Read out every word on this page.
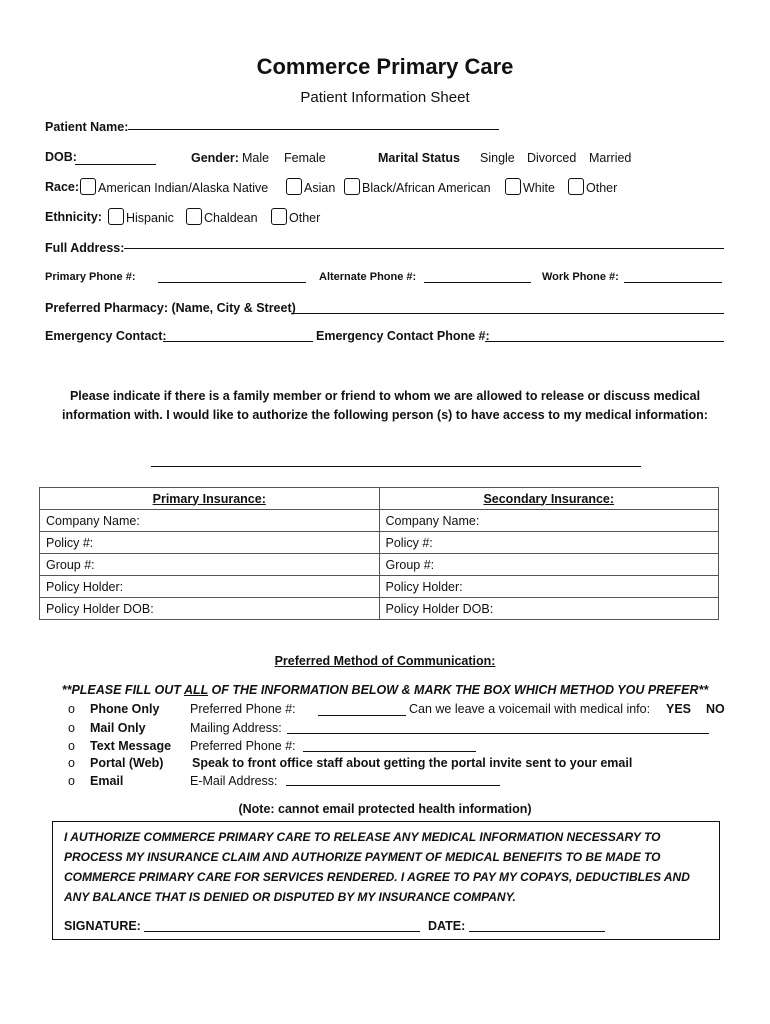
Commerce Primary Care
Patient Information Sheet
Patient Name:
DOB:	Gender: Male Female	Marital Status Single Divorced Married
Race:	American Indian/Alaska Native	Asian	Black/African American	White	Other
Ethnicity:	Hispanic	Chaldean	Other
Full Address:
Primary Phone #:	Alternate Phone #:	Work Phone #:
Preferred Pharmacy: (Name, City & Street)
Emergency Contact:	Emergency Contact Phone #:
Please indicate if there is a family member or friend to whom we are allowed to release or discuss medical
information with. I would like to authorize the following person (s) to have access to my medical information:
Primary Insurance:	Secondary Insurance:
Company Name:	Company Name:
Policy #:	Policy #:
Group #:	Group #:
Policy Holder:	Policy Holder:
Policy Holder DOB:	Policy Holder DOB:
Preferred Method of Communication:
**PLEASE FILL OUT ALL OF THE INFORMATION BELOW & MARK THE BOX WHICH METHOD YOU PREFER**
o Phone Only Preferred Phone #:	Can we leave a voicemail with medical info: YES NO
o Mail Only	Mailing Address:
o Text Message Preferred Phone #:
o Portal (Web) Speak to front office staff about getting the portal invite sent to your email
o Email	E-Mail Address:
(Note: cannot email protected health information)
I AUTHORIZE COMMERCE PRIMARY CARE TO RELEASE ANY MEDICAL INFORMATION NECESSARY TO PROCESS MY INSURANCE CLAIM AND AUTHORIZE PAYMENT OF MEDICAL BENEFITS TO BE MADE TO COMMERCE PRIMARY CARE FOR SERVICES RENDERED. I AGREE TO PAY MY COPAYS, DEDUCTIBLES AND ANY BALANCE THAT IS DENIED OR DISPUTED BY MY INSURANCE COMPANY.
SIGNATURE:	DATE:
